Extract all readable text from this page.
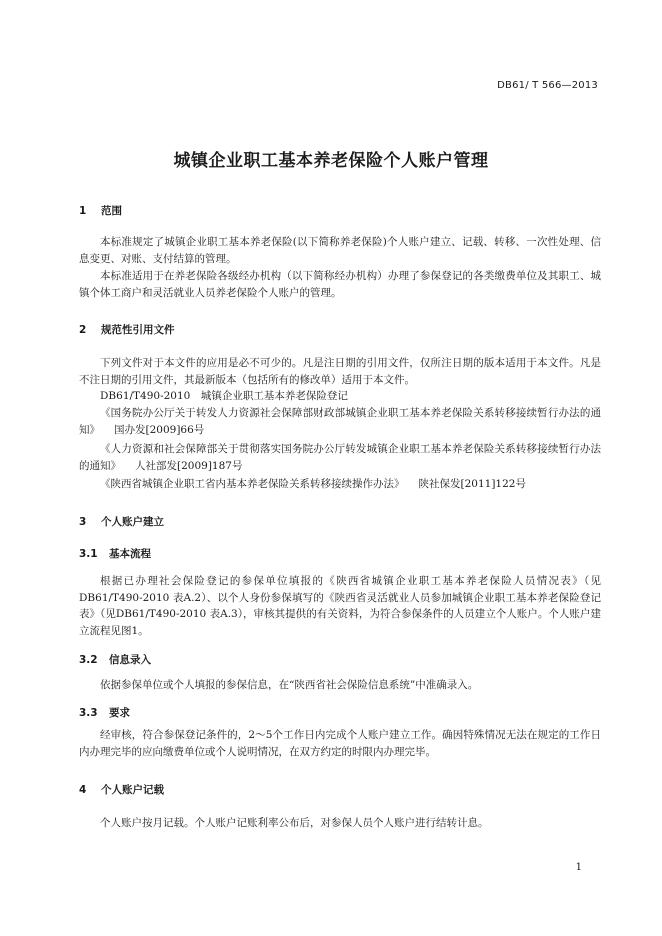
DB61/ T 566—2013
城镇企业职工基本养老保险个人账户管理
1 范围
本标准规定了城镇企业职工基本养老保险(以下简称养老保险)个人账户建立、记载、转移、一次性处理、信息变更、对账、支付结算的管理。
本标准适用于在养老保险各级经办机构（以下简称经办机构）办理了参保登记的各类缴费单位及其职工、城镇个体工商户和灵活就业人员养老保险个人账户的管理。
2 规范性引用文件
下列文件对于本文件的应用是必不可少的。凡是注日期的引用文件，仅所注日期的版本适用于本文件。凡是不注日期的引用文件，其最新版本（包括所有的修改单）适用于本文件。
DB61/T490-2010　城镇企业职工基本养老保险登记
《国务院办公厅关于转发人力资源社会保障部财政部城镇企业职工基本养老保险关系转移接续暂行办法的通知》 国办发[2009]66号
《人力资源和社会保障部关于贯彻落实国务院办公厅转发城镇企业职工基本养老保险关系转移接续暂行办法的通知》 人社部发[2009]187号
《陕西省城镇企业职工省内基本养老保险关系转移接续操作办法》 陕社保发[2011]122号
3 个人账户建立
3.1 基本流程
根据已办理社会保险登记的参保单位填报的《陕西省城镇企业职工基本养老保险人员情况表》（见DB61/T490-2010 表A.2）、以个人身份参保填写的《陕西省灵活就业人员参加城镇企业职工基本养老保险登记表》（见DB61/T490-2010 表A.3），审核其提供的有关资料，为符合参保条件的人员建立个人账户。个人账户建立流程见图1。
3.2 信息录入
依据参保单位或个人填报的参保信息，在“陕西省社会保险信息系统”中准确录入。
3.3 要求
经审核，符合参保登记条件的，2～5个工作日内完成个人账户建立工作。确因特殊情况无法在规定的工作日内办理完毕的应向缴费单位或个人说明情况，在双方约定的时限内办理完毕。
4 个人账户记载
个人账户按月记载。个人账户记账利率公布后，对参保人员个人账户进行结转计息。
1
